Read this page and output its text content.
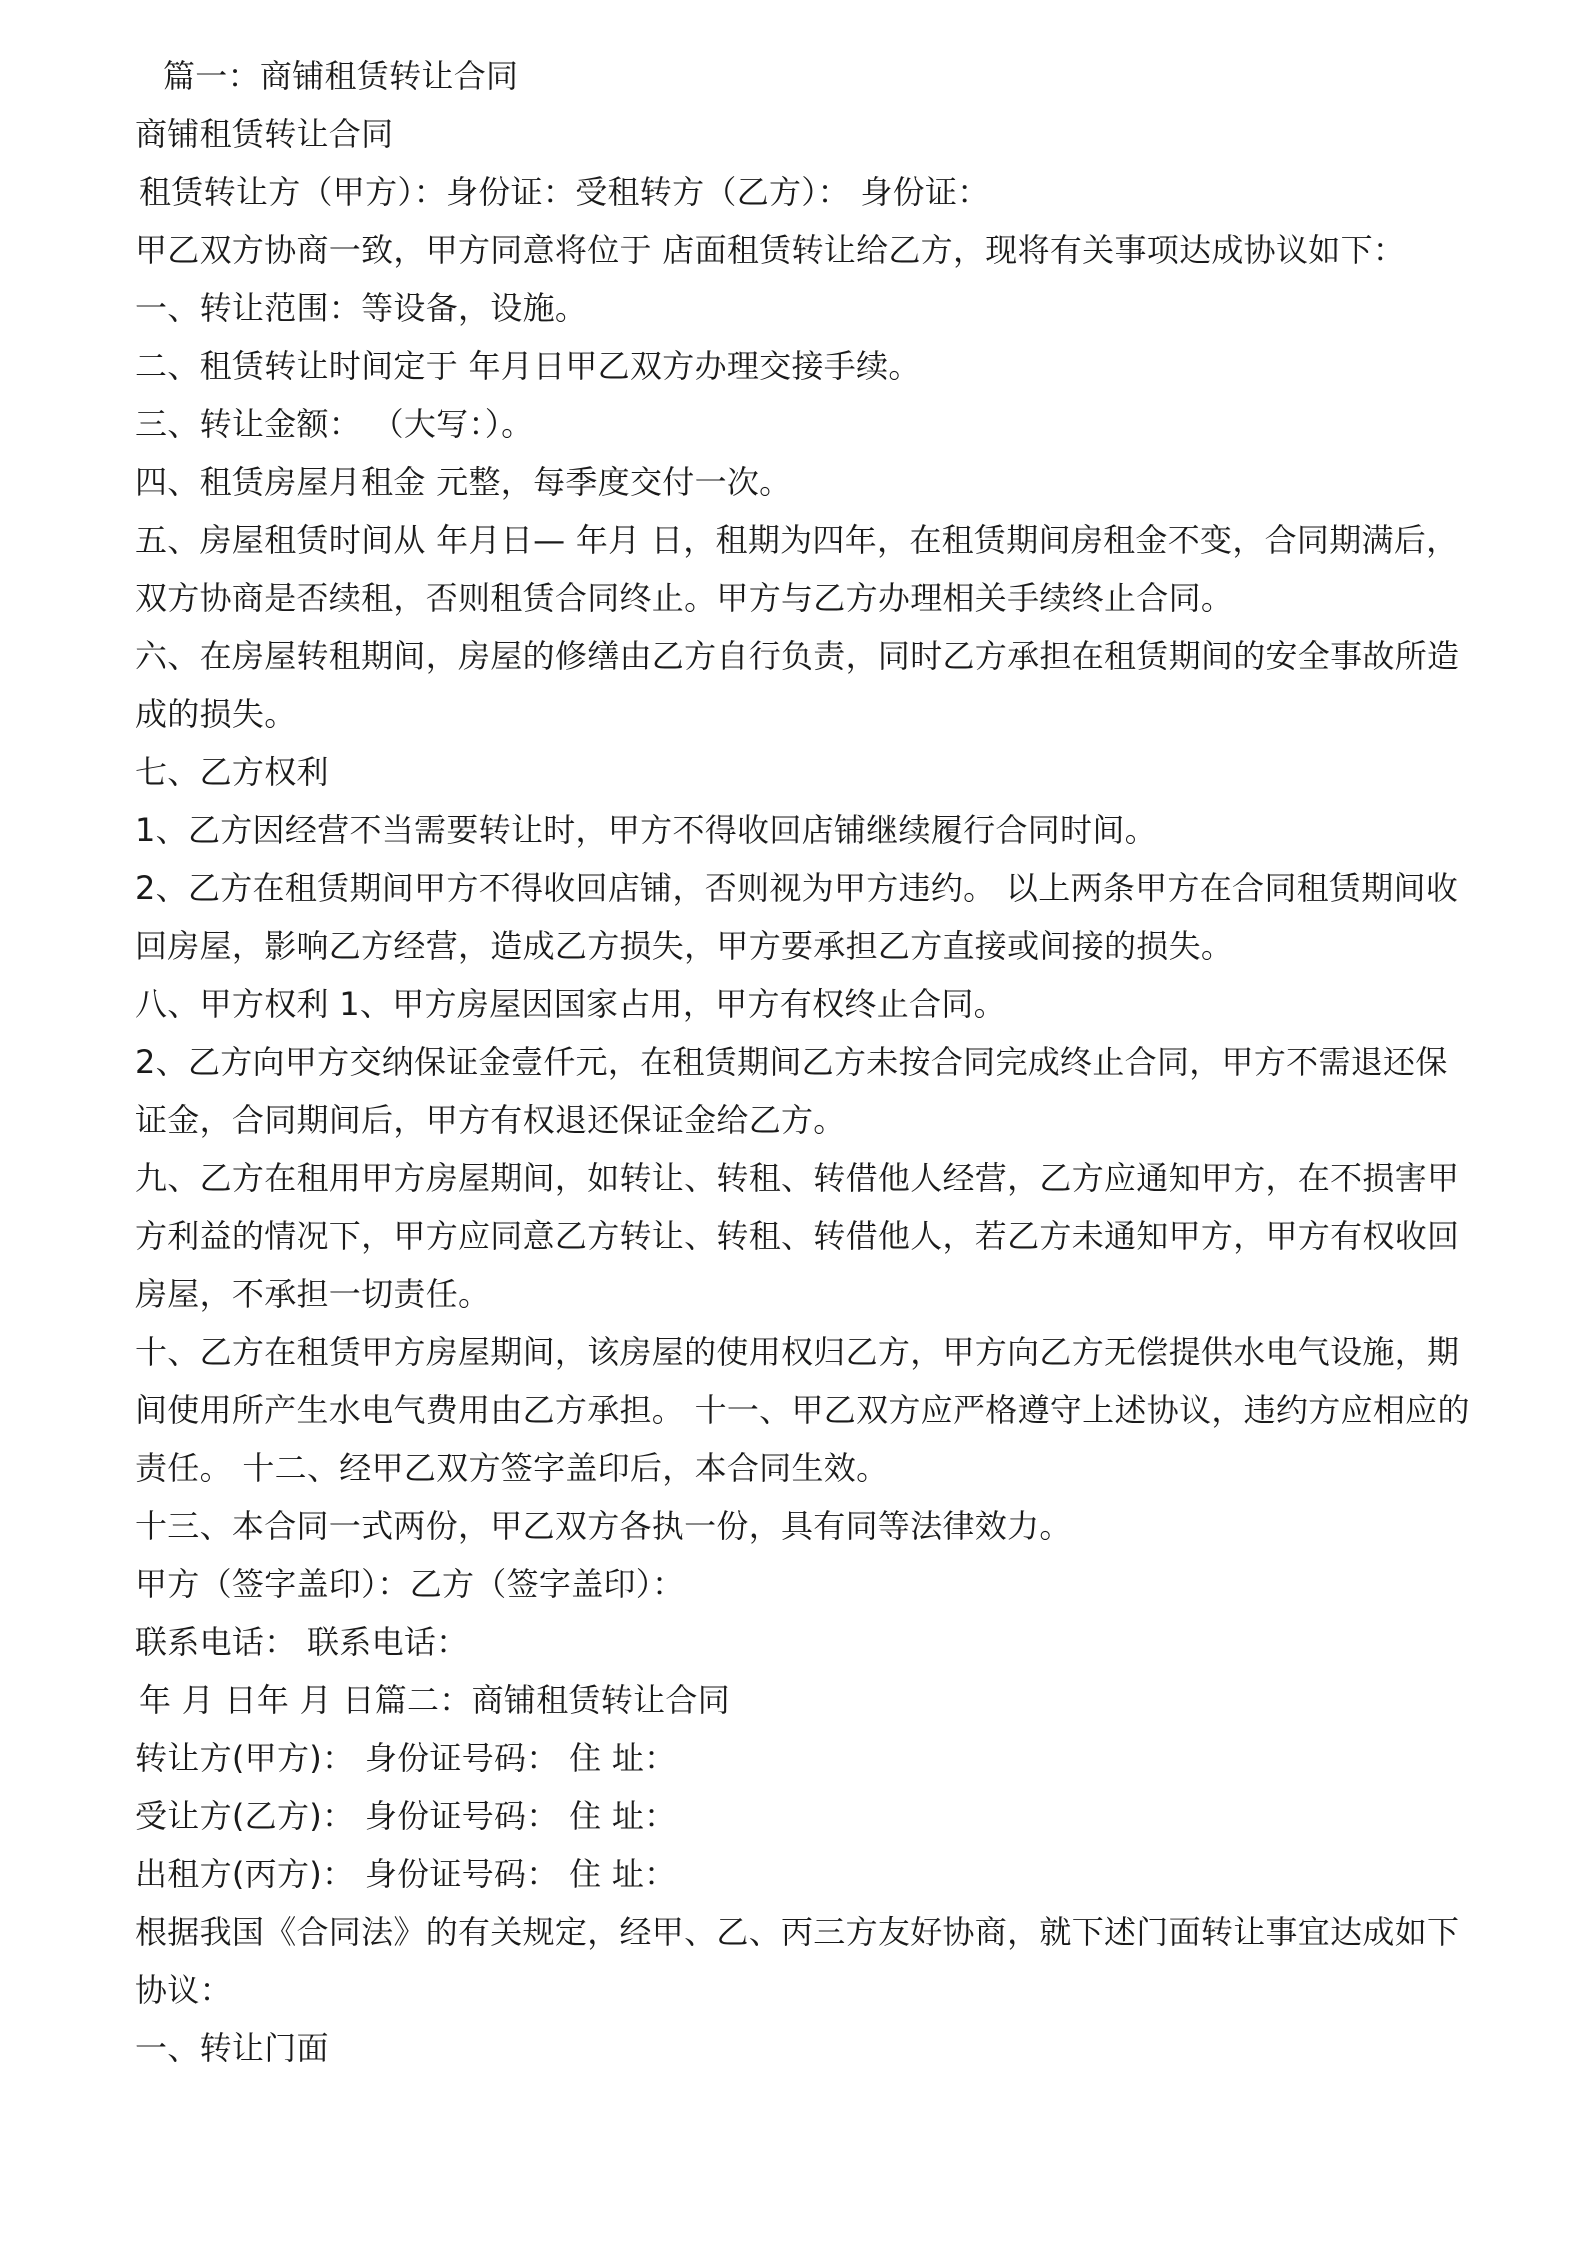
篇一：商铺租赁转让合同
商铺租赁转让合同
租赁转让方（甲方）：身份证：受租转方（乙方）： 身份证：
甲乙双方协商一致，甲方同意将位于 店面租赁转让给乙方，现将有关事项达成协议如下：
一、转让范围：等设备，设施。
二、租赁转让时间定于 年月日甲乙双方办理交接手续。
三、转让金额： （大写：）。
四、租赁房屋月租金 元整，每季度交付一次。
五、房屋租赁时间从 年月日— 年月 日，租期为四年，在租赁期间房租金不变，合同期满后，
双方协商是否续租，否则租赁合同终止。甲方与乙方办理相关手续终止合同。
六、在房屋转租期间，房屋的修缮由乙方自行负责，同时乙方承担在租赁期间的安全事故所造
成的损失。
七、乙方权利
1、乙方因经营不当需要转让时，甲方不得收回店铺继续履行合同时间。
2、乙方在租赁期间甲方不得收回店铺，否则视为甲方违约。 以上两条甲方在合同租赁期间收
回房屋，影响乙方经营，造成乙方损失，甲方要承担乙方直接或间接的损失。
八、甲方权利 1、甲方房屋因国家占用，甲方有权终止合同。
2、乙方向甲方交纳保证金壹仟元，在租赁期间乙方未按合同完成终止合同，甲方不需退还保
证金，合同期间后，甲方有权退还保证金给乙方。
九、乙方在租用甲方房屋期间，如转让、转租、转借他人经营，乙方应通知甲方，在不损害甲
方利益的情况下，甲方应同意乙方转让、转租、转借他人，若乙方未通知甲方，甲方有权收回
房屋，不承担一切责任。
十、乙方在租赁甲方房屋期间，该房屋的使用权归乙方，甲方向乙方无偿提供水电气设施，期
间使用所产生水电气费用由乙方承担。 十一、甲乙双方应严格遵守上述协议，违约方应相应的
责任。 十二、经甲乙双方签字盖印后，本合同生效。
十三、本合同一式两份，甲乙双方各执一份，具有同等法律效力。
甲方（签字盖印）：乙方（签字盖印）：
联系电话： 联系电话：
年 月 日年 月 日篇二：商铺租赁转让合同
转让方(甲方)： 身份证号码： 住 址：
受让方(乙方)： 身份证号码： 住 址：
出租方(丙方)： 身份证号码： 住 址：
根据我国《合同法》的有关规定，经甲、乙、丙三方友好协商，就下述门面转让事宜达成如下
协议：
一、转让门面
